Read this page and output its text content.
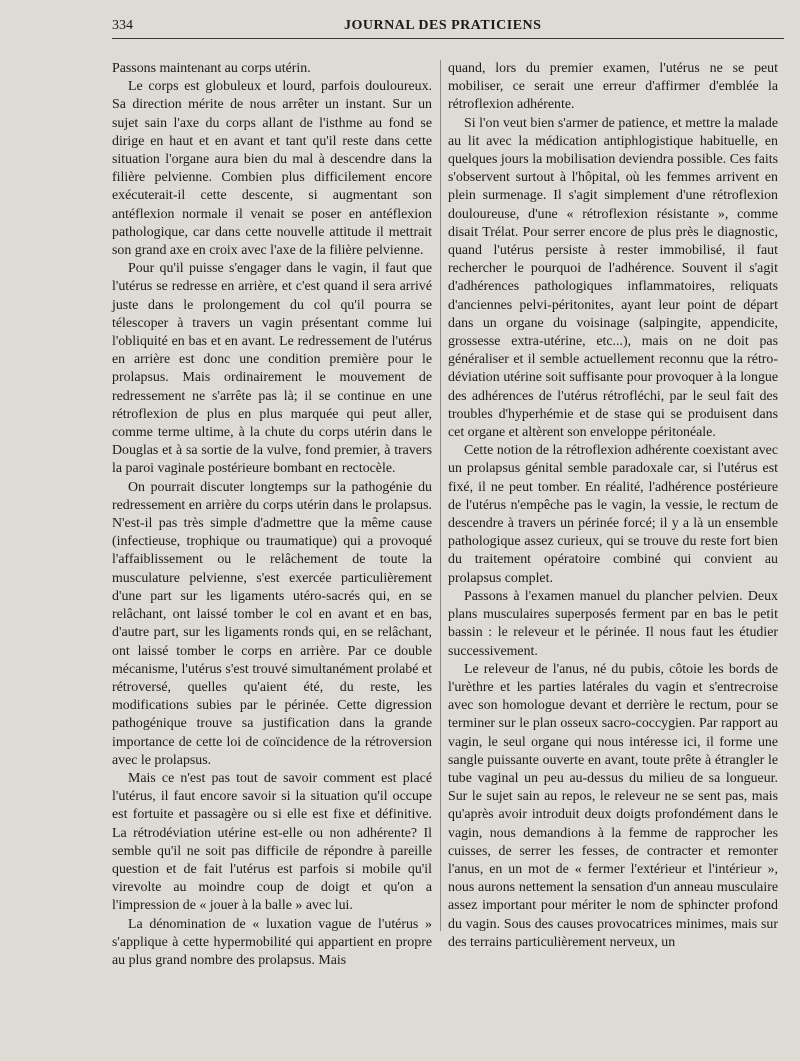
334	JOURNAL DES PRATICIENS

Passons maintenant au corps utérin.

Le corps est globuleux et lourd, parfois douloureux. Sa direction mérite de nous arrêter un instant. Sur un sujet sain l'axe du corps allant de l'isthme au fond se dirige en haut et en avant et tant qu'il reste dans cette situation l'organe aura bien du mal à descendre dans la filière pelvienne. Combien plus difficilement encore exécuterait-il cette descente, si augmentant son antéflexion normale il venait se poser en antéflexion pathologique, car dans cette nouvelle attitude il mettrait son grand axe en croix avec l'axe de la filière pelvienne.

Pour qu'il puisse s'engager dans le vagin, il faut que l'utérus se redresse en arrière, et c'est quand il sera arrivé juste dans le prolongement du col qu'il pourra se télescoper à travers un vagin présentant comme lui l'obliquité en bas et en avant. Le redressement de l'utérus en arrière est donc une condition première pour le prolapsus. Mais ordinairement le mouvement de redressement ne s'arrête pas là; il se continue en une rétroflexion de plus en plus marquée qui peut aller, comme terme ultime, à la chute du corps utérin dans le Douglas et à sa sortie de la vulve, fond premier, à travers la paroi vaginale postérieure bombant en rectocèle.

On pourrait discuter longtemps sur la pathogénie du redressement en arrière du corps utérin dans le prolapsus. N'est-il pas très simple d'admettre que la même cause (infectieuse, trophique ou traumatique) qui a provoqué l'affaiblissement ou le relâchement de toute la musculature pelvienne, s'est exercée particulièrement d'une part sur les ligaments utéro-sacrés qui, en se relâchant, ont laissé tomber le col en avant et en bas, d'autre part, sur les ligaments ronds qui, en se relâchant, ont laissé tomber le corps en arrière. Par ce double mécanisme, l'utérus s'est trouvé simultanément prolabé et rétroversé, quelles qu'aient été, du reste, les modifications subies par le périnée. Cette digression pathogénique trouve sa justification dans la grande importance de cette loi de coïncidence de la rétroversion avec le prolapsus.

Mais ce n'est pas tout de savoir comment est placé l'utérus, il faut encore savoir si la situation qu'il occupe est fortuite et passagère ou si elle est fixe et définitive. La rétrodéviation utérine est-elle ou non adhérente? Il semble qu'il ne soit pas difficile de répondre à pareille question et de fait l'utérus est parfois si mobile qu'il virevolte au moindre coup de doigt et qu'on a l'impression de « jouer à la balle » avec lui.

La dénomination de « luxation vague de l'utérus » s'applique à cette hypermobilité qui appartient en propre au plus grand nombre des prolapsus. Mais

quand, lors du premier examen, l'utérus ne se peut mobiliser, ce serait une erreur d'affirmer d'emblée la rétroflexion adhérente.

Si l'on veut bien s'armer de patience, et mettre la malade au lit avec la médication antiphlogistique habituelle, en quelques jours la mobilisation deviendra possible. Ces faits s'observent surtout à l'hôpital, où les femmes arrivent en plein surmenage. Il s'agit simplement d'une rétroflexion douloureuse, d'une « rétroflexion résistante », comme disait Trélat. Pour serrer encore de plus près le diagnostic, quand l'utérus persiste à rester immobilisé, il faut rechercher le pourquoi de l'adhérence. Souvent il s'agit d'adhérences pathologiques inflammatoires, reliquats d'anciennes pelvi-péritonites, ayant leur point de départ dans un organe du voisinage (salpingite, appendicite, grossesse extra-utérine, etc...), mais on ne doit pas généraliser et il semble actuellement reconnu que la rétro-déviation utérine soit suffisante pour provoquer à la longue des adhérences de l'utérus rétrofléchi, par le seul fait des troubles d'hyperhémie et de stase qui se produisent dans cet organe et altèrent son enveloppe péritonéale.

Cette notion de la rétroflexion adhérente coexistant avec un prolapsus génital semble paradoxale car, si l'utérus est fixé, il ne peut tomber. En réalité, l'adhérence postérieure de l'utérus n'empêche pas le vagin, la vessie, le rectum de descendre à travers un périnée forcé; il y a là un ensemble pathologique assez curieux, qui se trouve du reste fort bien du traitement opératoire combiné qui convient au prolapsus complet.

Passons à l'examen manuel du plancher pelvien. Deux plans musculaires superposés ferment par en bas le petit bassin : le releveur et le périnée. Il nous faut les étudier successivement.

Le releveur de l'anus, né du pubis, côtoie les bords de l'urèthre et les parties latérales du vagin et s'entrecroise avec son homologue devant et derrière le rectum, pour se terminer sur le plan osseux sacro-coccygien. Par rapport au vagin, le seul organe qui nous intéresse ici, il forme une sangle puissante ouverte en avant, toute prête à étrangler le tube vaginal un peu au-dessus du milieu de sa longueur. Sur le sujet sain au repos, le releveur ne se sent pas, mais qu'après avoir introduit deux doigts profondément dans le vagin, nous demandions à la femme de rapprocher les cuisses, de serrer les fesses, de contracter et remonter l'anus, en un mot de « fermer l'extérieur et l'intérieur », nous aurons nettement la sensation d'un anneau musculaire assez important pour mériter le nom de sphincter profond du vagin. Sous des causes provocatrices minimes, mais sur des terrains particulièrement nerveux, un
